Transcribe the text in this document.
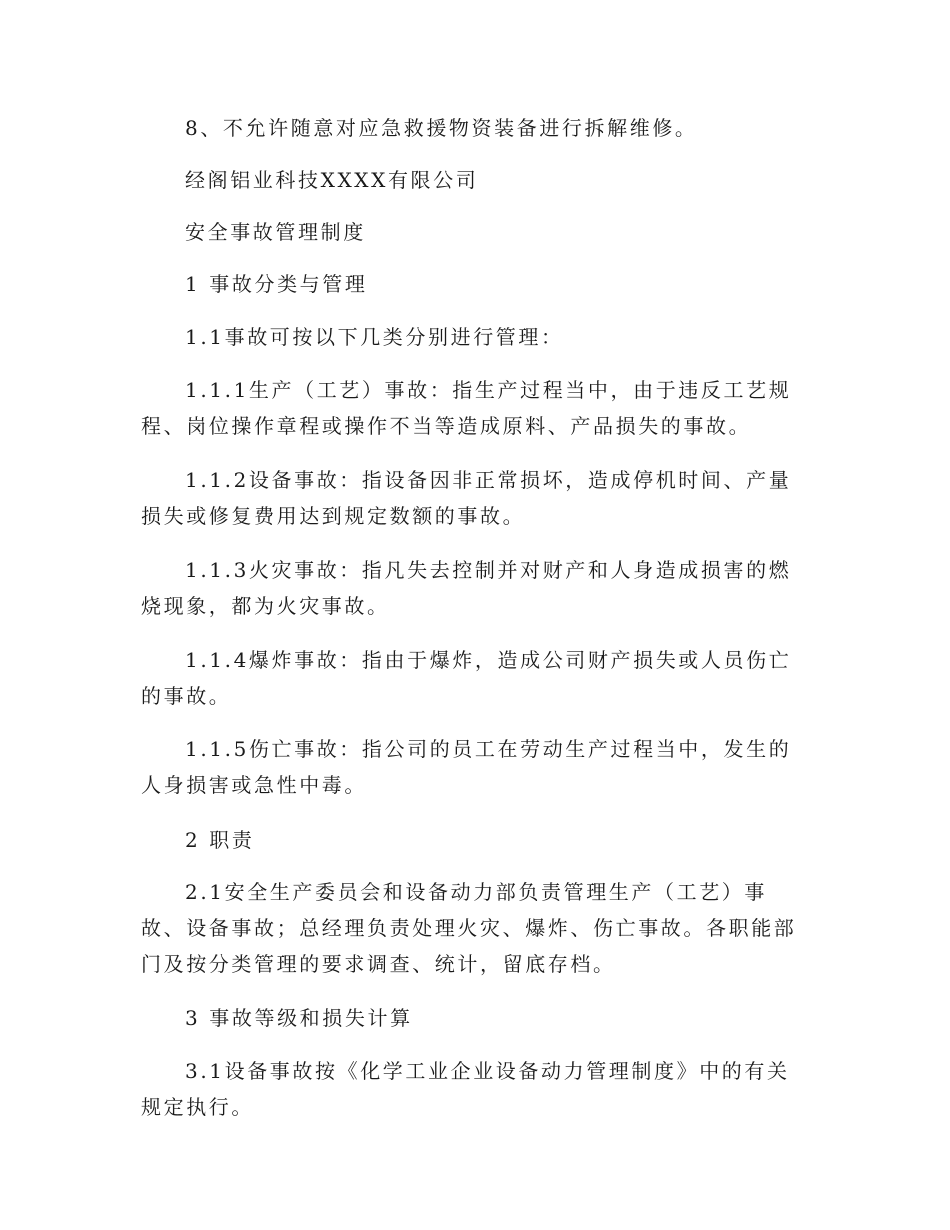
8、不允许随意对应急救援物资装备进行拆解维修。

经阁铝业科技XXXX有限公司

安全事故管理制度

1 事故分类与管理

1.1事故可按以下几类分别进行管理：

1.1.1生产（工艺）事故：指生产过程当中，由于违反工艺规程、岗位操作章程或操作不当等造成原料、产品损失的事故。

1.1.2设备事故：指设备因非正常损坏，造成停机时间、产量损失或修复费用达到规定数额的事故。

1.1.3火灾事故：指凡失去控制并对财产和人身造成损害的燃烧现象，都为火灾事故。

1.1.4爆炸事故：指由于爆炸，造成公司财产损失或人员伤亡的事故。

1.1.5伤亡事故：指公司的员工在劳动生产过程当中，发生的人身损害或急性中毒。

2 职责

2.1安全生产委员会和设备动力部负责管理生产（工艺）事故、设备事故；总经理负责处理火灾、爆炸、伤亡事故。各职能部门及按分类管理的要求调查、统计，留底存档。

3 事故等级和损失计算

3.1设备事故按《化学工业企业设备动力管理制度》中的有关规定执行。
